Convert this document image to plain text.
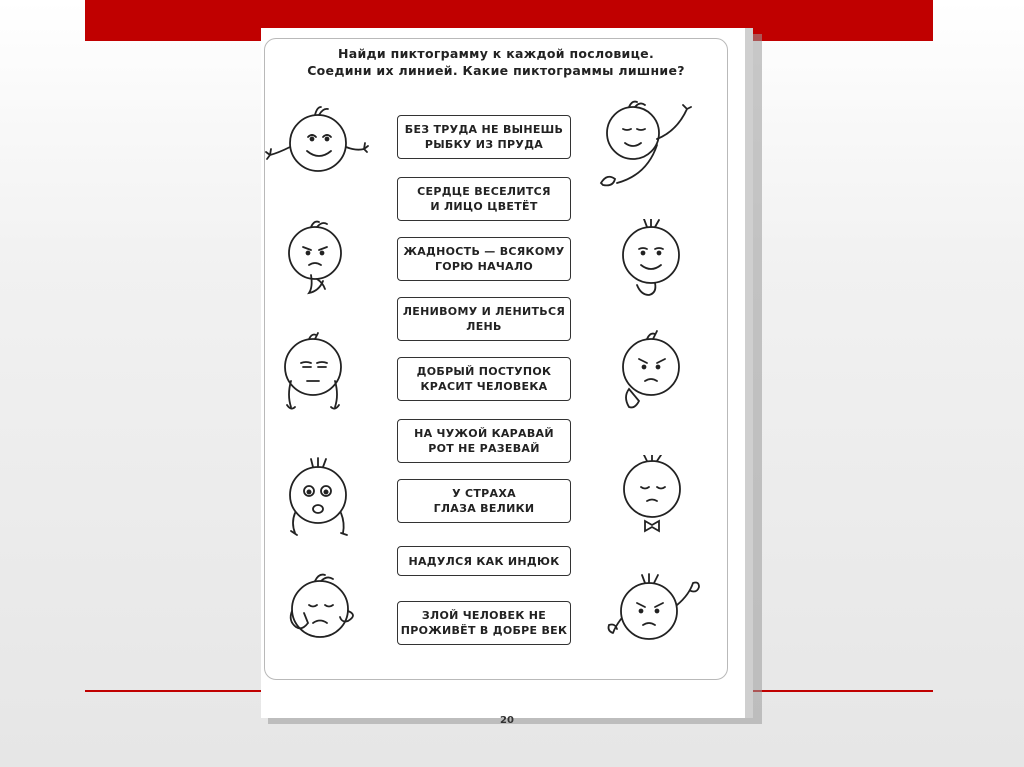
20
Найди пиктограмму к каждой пословице.
Соедини их линией. Какие пиктограммы лишние?
БЕЗ ТРУДА НЕ ВЫНЕШЬ
РЫБКУ ИЗ ПРУДА
СЕРДЦЕ ВЕСЕЛИТСЯ
И ЛИЦО ЦВЕТЁТ
ЖАДНОСТЬ — ВСЯКОМУ
ГОРЮ НАЧАЛО
ЛЕНИВОМУ И ЛЕНИТЬСЯ
ЛЕНЬ
ДОБРЫЙ ПОСТУПОК
КРАСИТ ЧЕЛОВЕКА
НА ЧУЖОЙ КАРАВАЙ
РОТ НЕ РАЗЕВАЙ
У СТРАХА
ГЛАЗА ВЕЛИКИ
НАДУЛСЯ КАК ИНДЮК
ЗЛОЙ ЧЕЛОВЕК НЕ
ПРОЖИВЁТ В ДОБРЕ ВЕК
